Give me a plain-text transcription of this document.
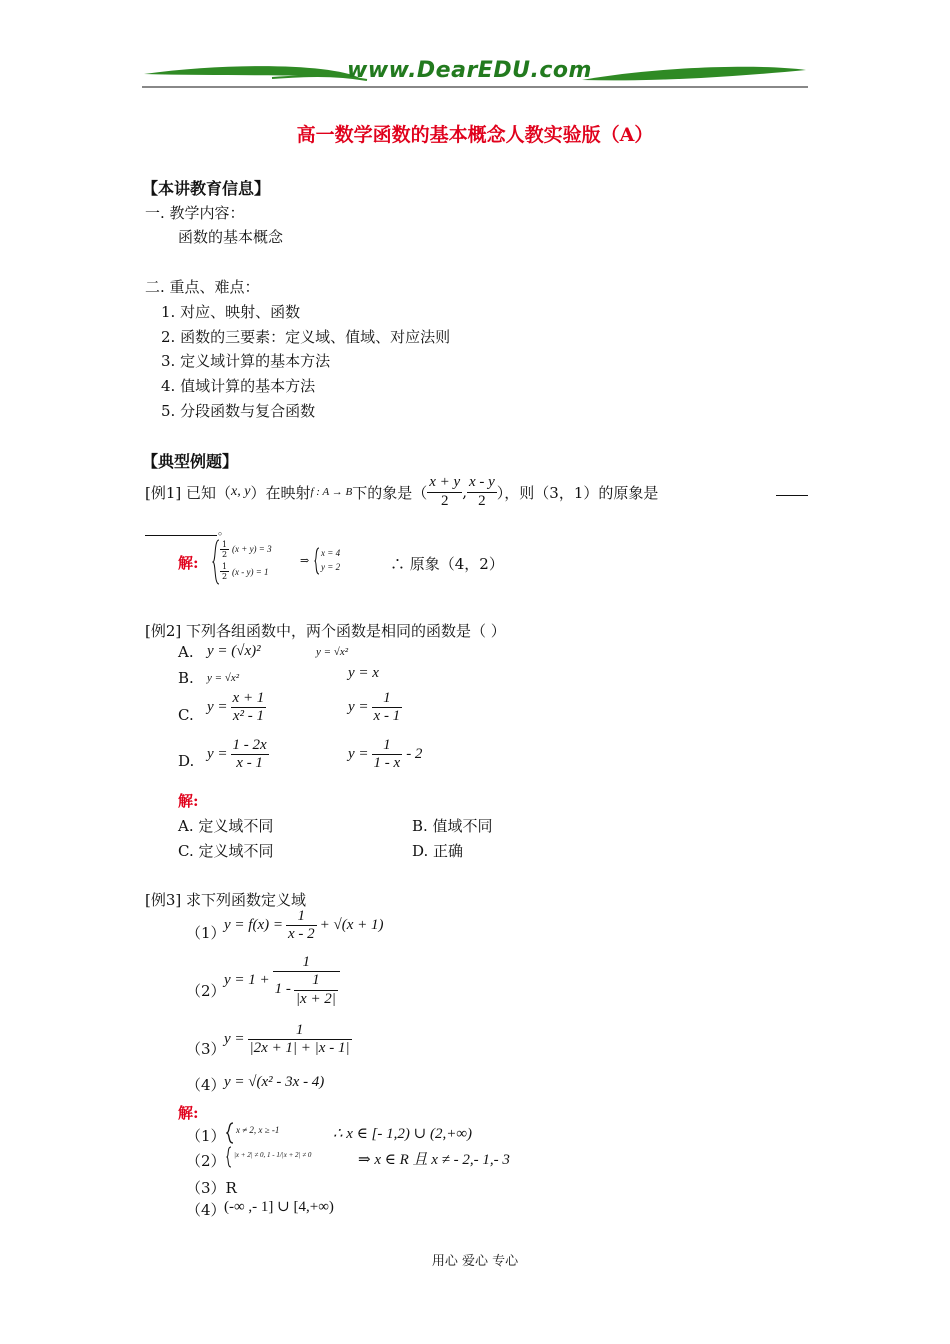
www.DearEDU.com
高一数学函数的基本概念人教实验版（A）
【本讲教育信息】
一. 教学内容：
函数的基本概念
二. 重点、难点：
1. 对应、映射、函数
2. 函数的三要素：定义域、值域、对应法则
3. 定义域计算的基本方法
4. 值域计算的基本方法
5. 分段函数与复合函数
【典型例题】
[例1] 已知（ x, y ）在映射 f : A → B 下的象是（ $\frac{x + y}{2}$ , $\frac{x - y}{2}$ ），则（3，1）的原象是
。
解:
$\frac{1}{2} (x + y) = 3$
$\frac{1}{2} (x - y) = 1$
⇒
x = 4
y = 2	∴ 原象（4，2）
[例2] 下列各组函数中，两个函数是相同的函数是（ ）
A. y = (√x)²	y = √x²
B. y = √x²	y = x
C. $y = \frac{x + 1}{\text{x² - 1}}$	$y = \frac{1}{x - 1}$
D. $y = \frac{1 - 2x}{x - 1}$	$y = \frac{1}{1 - x} - 2$
解:
A. 定义域不同	B. 值域不同
C. 定义域不同	D. 正确
[例3] 求下列函数定义域
（1）
$y = f(x) = \frac{1}{x - 2} + √(x + 1)$
（2）
$y = 1 + \frac{1}{1 - \frac{1}{|x + 2|}}$
（3）
$y = \frac{1}{|2x + 1| + |x - 1|}$
（4）
y = √(x² - 3x - 4)
解:
（1） x ≠ 2, x ≥ -1	∴ x ∈ [- 1,2) ∪ (2,+∞)
（2） |x + 2| ≠ 0, 1 - 1/|x + 2| ≠ 0	⇒ x ∈ R 且 x ≠ - 2,- 1,- 3
（3）R
（4）
(-∞ ,- 1] ∪ [4,+∞)
用心 爱心 专心
